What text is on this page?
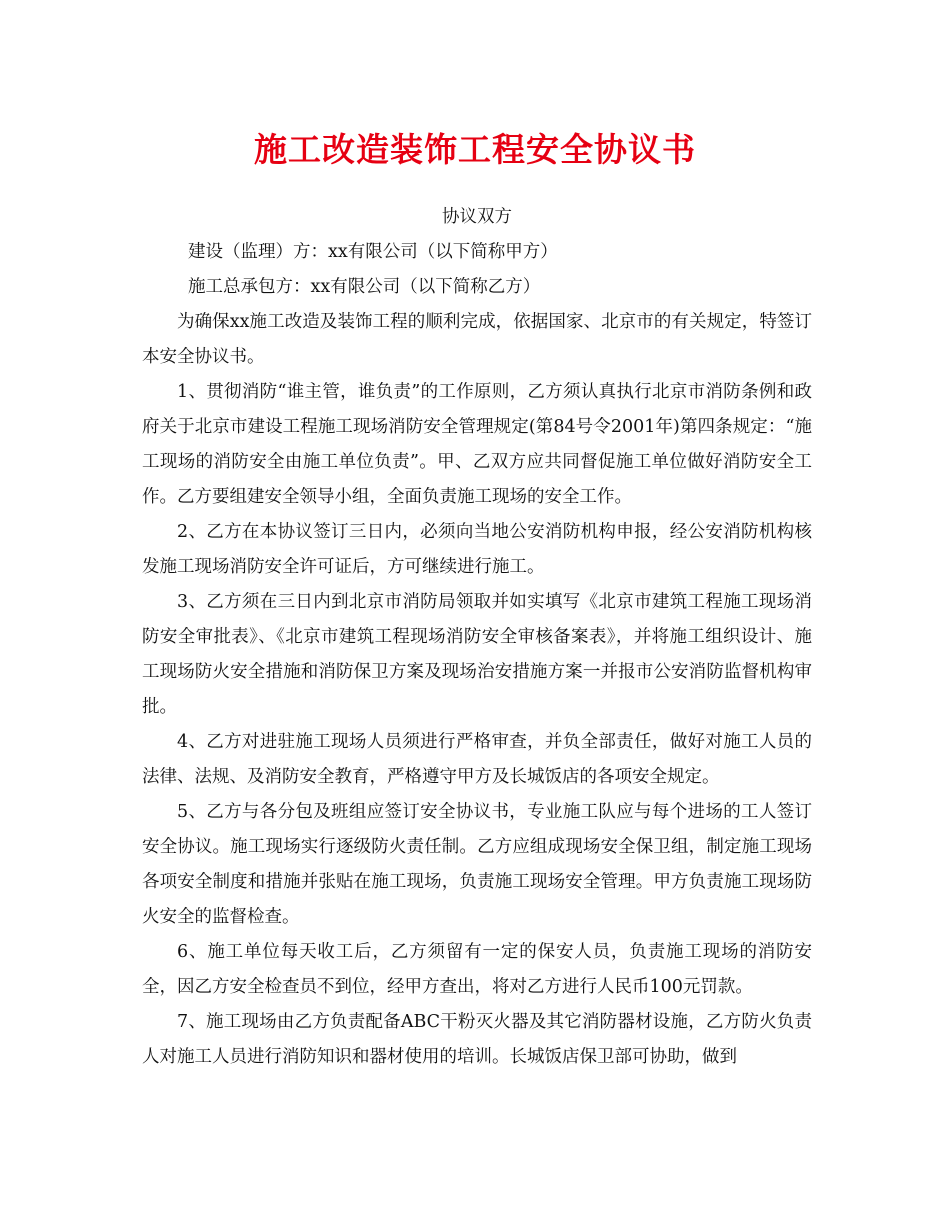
施工改造装饰工程安全协议书

协议双方

建设（监理）方：xx有限公司（以下简称甲方）

施工总承包方：xx有限公司（以下简称乙方）

为确保xx施工改造及装饰工程的顺利完成，依据国家、北京市的有关规定，特签订本安全协议书。

1、贯彻消防“谁主管，谁负责”的工作原则，乙方须认真执行北京市消防条例和政府关于北京市建设工程施工现场消防安全管理规定(第84号令2001年)第四条规定：“施工现场的消防安全由施工单位负责”。甲、乙双方应共同督促施工单位做好消防安全工作。乙方要组建安全领导小组，全面负责施工现场的安全工作。

2、乙方在本协议签订三日内，必须向当地公安消防机构申报，经公安消防机构核发施工现场消防安全许可证后，方可继续进行施工。

3、乙方须在三日内到北京市消防局领取并如实填写《北京市建筑工程施工现场消防安全审批表》、《北京市建筑工程现场消防安全审核备案表》，并将施工组织设计、施工现场防火安全措施和消防保卫方案及现场治安措施方案一并报市公安消防监督机构审批。

4、乙方对进驻施工现场人员须进行严格审查，并负全部责任，做好对施工人员的法律、法规、及消防安全教育，严格遵守甲方及长城饭店的各项安全规定。

5、乙方与各分包及班组应签订安全协议书，专业施工队应与每个进场的工人签订安全协议。施工现场实行逐级防火责任制。乙方应组成现场安全保卫组，制定施工现场各项安全制度和措施并张贴在施工现场，负责施工现场安全管理。甲方负责施工现场防火安全的监督检查。

6、施工单位每天收工后，乙方须留有一定的保安人员，负责施工现场的消防安全，因乙方安全检查员不到位，经甲方查出，将对乙方进行人民币100元罚款。

7、施工现场由乙方负责配备ABC干粉灭火器及其它消防器材设施，乙方防火负责人对施工人员进行消防知识和器材使用的培训。长城饭店保卫部可协助，做到
